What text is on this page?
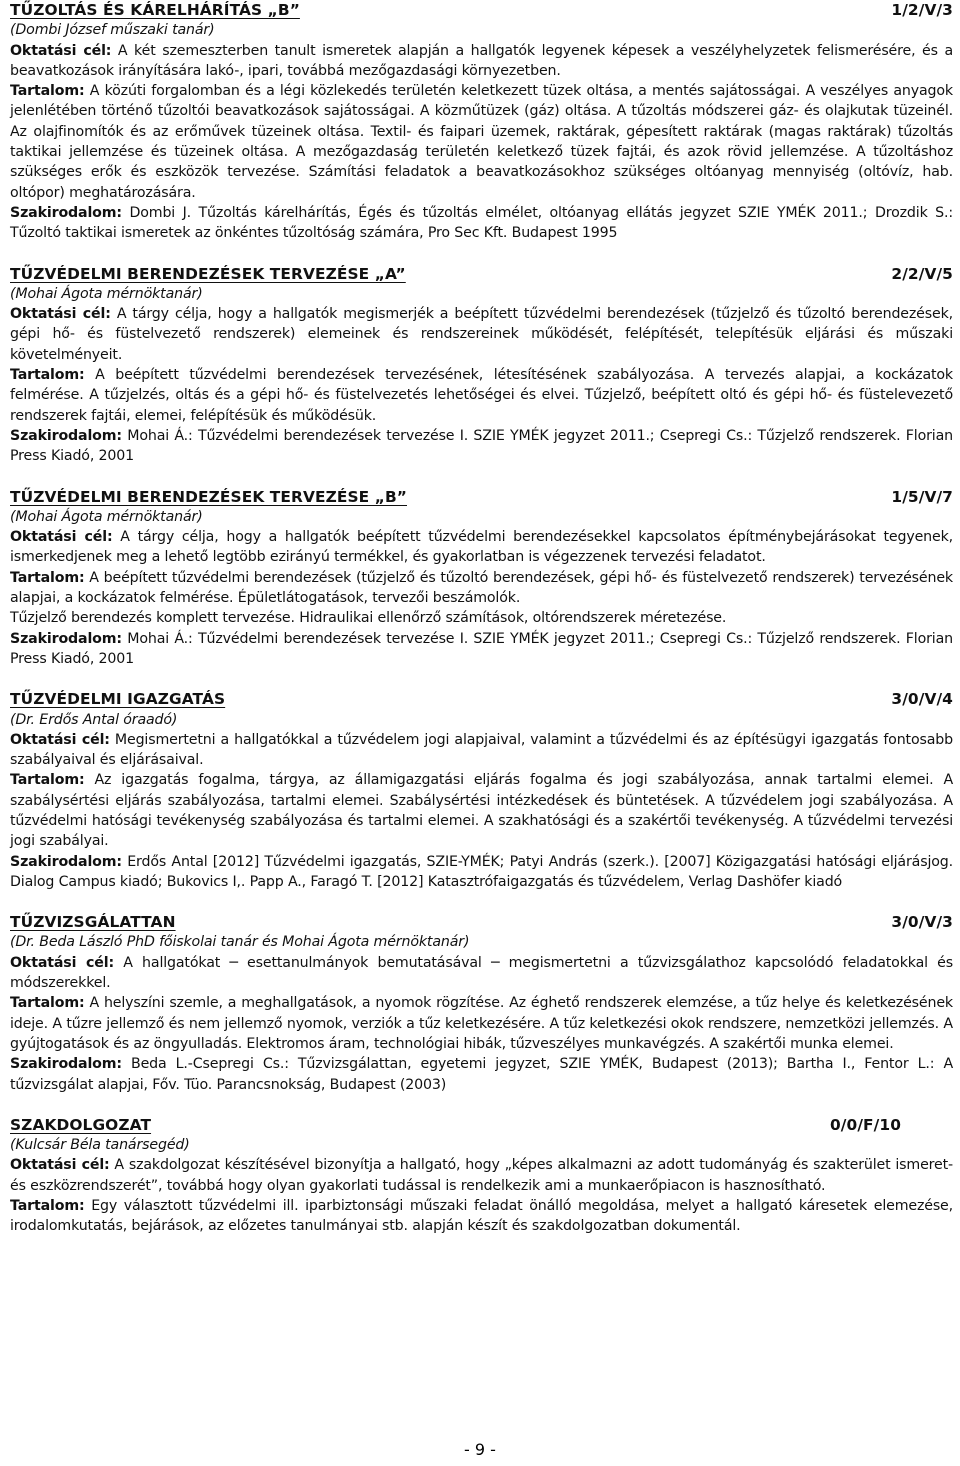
TŰZOLTÁS ÉS KÁRELHÁRÍTÁS „B”	1/2/V/3
(Dombi József műszaki tanár)
Oktatási cél: A két szemeszterben tanult ismeretek alapján a hallgatók legyenek képesek a veszélyhelyzetek felismerésére, és a beavatkozások irányítására lakó-, ipari, továbbá mezőgazdasági környezetben.
Tartalom: A közúti forgalomban és a légi közlekedés területén keletkezett tüzek oltása, a mentés sajátosságai. A veszélyes anyagok jelenlétében történő tűzoltói beavatkozások sajátosságai. A közműtüzek (gáz) oltása. A tűzoltás módszerei gáz- és olajkutak tüzeinél. Az olajfinomítók és az erőművek tüzeinek oltása. Textil- és faipari üzemek, raktárak, gépesített raktárak (magas raktárak) tűzoltás taktikai jellemzése és tüzeinek oltása. A mezőgazdaság területén keletkező tüzek fajtái, és azok rövid jellemzése. A tűzoltáshoz szükséges erők és eszközök tervezése. Számítási feladatok a beavatkozásokhoz szükséges oltóanyag mennyiség (oltóvíz, hab. oltópor) meghatározására.
Szakirodalom: Dombi J. Tűzoltás kárelhárítás, Égés és tűzoltás elmélet, oltóanyag ellátás jegyzet SZIE YMÉK 2011.; Drozdik S.: Tűzoltó taktikai ismeretek az önkéntes tűzoltóság számára, Pro Sec Kft. Budapest 1995
TŰZVÉDELMI BERENDEZÉSEK TERVEZÉSE „A”	2/2/V/5
(Mohai Ágota mérnöktanár)
Oktatási cél: A tárgy célja, hogy a hallgatók megismerjék a beépített tűzvédelmi berendezések (tűzjelző és tűzoltó berendezések, gépi hő- és füstelvezető rendszerek) elemeinek és rendszereinek működését, felépítését, telepítésük eljárási és műszaki követelményeit.
Tartalom: A beépített tűzvédelmi berendezések tervezésének, létesítésének szabályozása. A tervezés alapjai, a kockázatok felmérése. A tűzjelzés, oltás és a gépi hő- és füstelvezetés lehetőségei és elvei. Tűzjelző, beépített oltó és gépi hő- és füstelevezető rendszerek fajtái, elemei, felépítésük és működésük.
Szakirodalom: Mohai Á.: Tűzvédelmi berendezések tervezése I. SZIE YMÉK jegyzet 2011.; Csepregi Cs.: Tűzjelző rendszerek. Florian Press Kiadó, 2001
TŰZVÉDELMI BERENDEZÉSEK TERVEZÉSE „B”	1/5/V/7
(Mohai Ágota mérnöktanár)
Oktatási cél: A tárgy célja, hogy a hallgatók beépített tűzvédelmi berendezésekkel kapcsolatos építménybejárásokat tegyenek, ismerkedjenek meg a lehető legtöbb ezirányú termékkel, és gyakorlatban is végezzenek tervezési feladatot.
Tartalom: A beépített tűzvédelmi berendezések (tűzjelző és tűzoltó berendezések, gépi hő- és füstelvezető rendszerek) tervezésének alapjai, a kockázatok felmérése. Épületlátogatások, tervezői beszámolók.
Tűzjelző berendezés komplett tervezése. Hidraulikai ellenőrző számítások, oltórendszerek méretezése.
Szakirodalom: Mohai Á.: Tűzvédelmi berendezések tervezése I. SZIE YMÉK jegyzet 2011.; Csepregi Cs.: Tűzjelző rendszerek. Florian Press Kiadó, 2001
TŰZVÉDELMI IGAZGATÁS	3/0/V/4
(Dr. Erdős Antal óraadó)
Oktatási cél: Megismertetni a hallgatókkal a tűzvédelem jogi alapjaival, valamint a tűzvédelmi és az építésügyi igazgatás fontosabb szabályaival és eljárásaival.
Tartalom: Az igazgatás fogalma, tárgya, az államigazgatási eljárás fogalma és jogi szabályozása, annak tartalmi elemei. A szabálysértési eljárás szabályozása, tartalmi elemei. Szabálysértési intézkedések és büntetések. A tűzvédelem jogi szabályozása. A tűzvédelmi hatósági tevékenység szabályozása és tartalmi elemei. A szakhatósági és a szakértői tevékenység. A tűzvédelmi tervezési jogi szabályai.
Szakirodalom: Erdős Antal [2012] Tűzvédelmi igazgatás, SZIE-YMÉK; Patyi András (szerk.). [2007] Közigazgatási hatósági eljárásjog. Dialog Campus kiadó; Bukovics I,. Papp A., Faragó T. [2012] Katasztrófaigazgatás és tűzvédelem, Verlag Dashöfer kiadó
TŰZVIZSGÁLATTAN	3/0/V/3
(Dr. Beda László PhD főiskolai tanár és Mohai Ágota mérnöktanár)
Oktatási cél: A hallgatókat ─ esettanulmányok bemutatásával ─ megismertetni a tűzvizsgálathoz kapcsolódó feladatokkal és módszerekkel.
Tartalom: A helyszíni szemle, a meghallgatások, a nyomok rögzítése. Az éghető rendszerek elemzése, a tűz helye és keletkezésének ideje. A tűzre jellemző és nem jellemző nyomok, verziók a tűz keletkezésére. A tűz keletkezési okok rendszere, nemzetközi jellemzés. A gyújtogatások és az öngyulladás. Elektromos áram, technológiai hibák, tűzveszélyes munkavégzés. A szakértői munka elemei.
Szakirodalom: Beda L.-Csepregi Cs.: Tűzvizsgálattan, egyetemi jegyzet, SZIE YMÉK, Budapest (2013); Bartha I., Fentor L.: A tűzvizsgálat alapjai, Főv. Tüo. Parancsnokság, Budapest (2003)
SZAKDOLGOZAT	0/0/F/10
(Kulcsár Béla tanársegéd)
Oktatási cél: A szakdolgozat készítésével bizonyítja a hallgató, hogy „képes alkalmazni az adott tudományág és szakterület ismeret- és eszközrendszerét”, továbbá hogy olyan gyakorlati tudással is rendelkezik ami a munkaerőpiacon is hasznosítható.
Tartalom: Egy választott tűzvédelmi ill. iparbiztonsági műszaki feladat önálló megoldása, melyet a hallgató káresetek elemezése, irodalomkutatás, bejárások, az előzetes tanulmányai stb. alapján készít és szakdolgozatban dokumentál.
- 9 -
